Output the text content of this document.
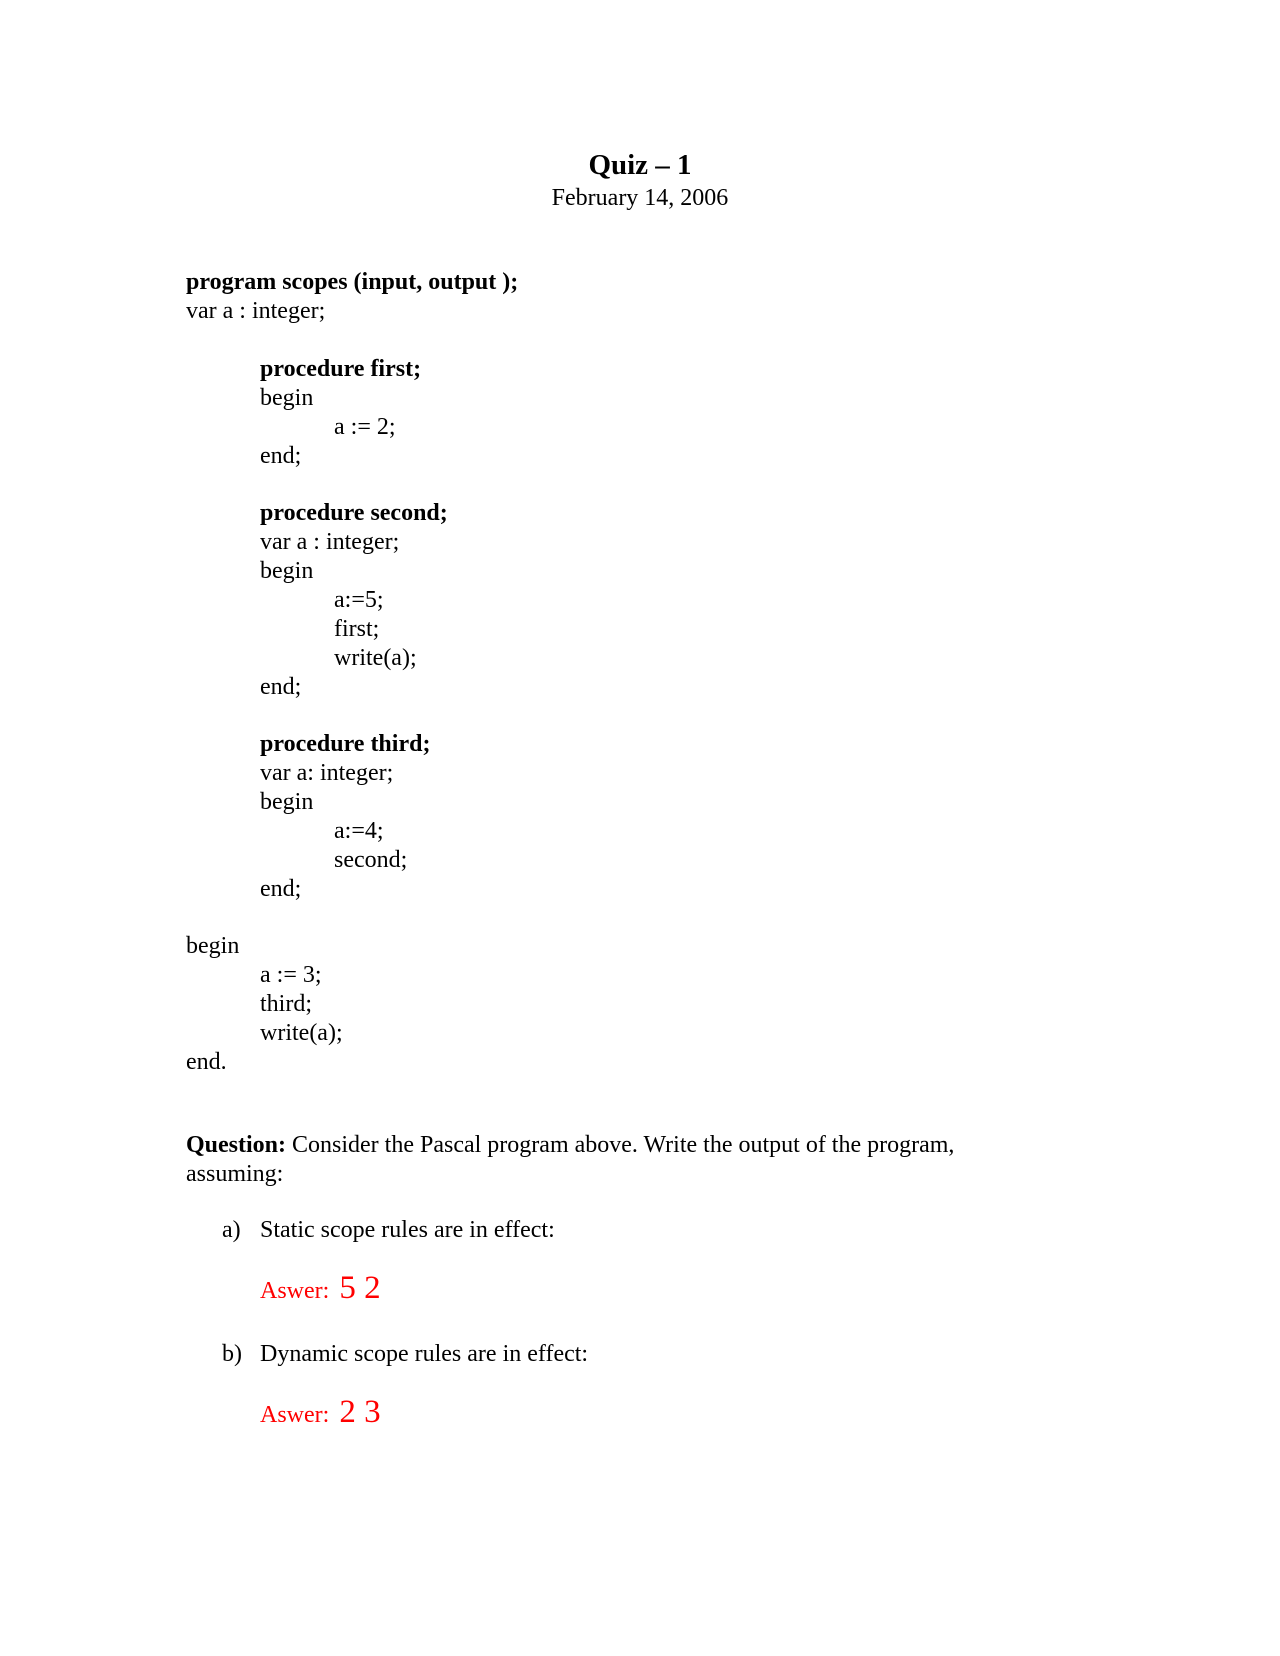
Quiz – 1
February 14, 2006
program scopes (input, output );
var a : integer;
procedure first;
begin
a := 2;
end;
procedure second;
var a : integer;
begin
a:=5;
first;
write(a);
end;
procedure third;
var a: integer;
begin
a:=4;
second;
end;
begin
a := 3;
third;
write(a);
end.
Question: Consider the Pascal program above. Write the output of the program,
assuming:
a) Static scope rules are in effect:
Aswer: 5 2
b) Dynamic scope rules are in effect:
Aswer: 2 3
